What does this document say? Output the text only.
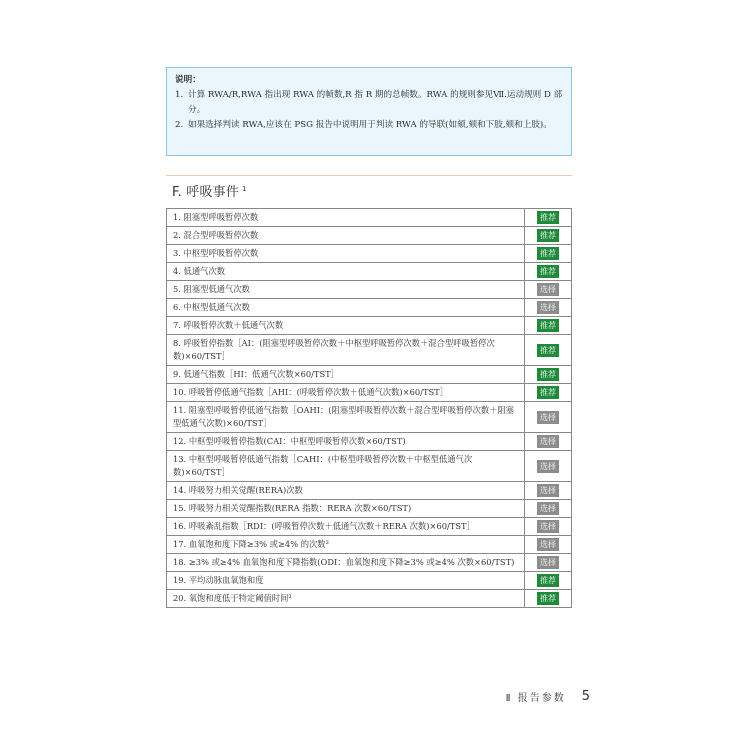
说明：
1. 计算 RWA/R,RWA 指出现 RWA 的帧数,R 指 R 期的总帧数。RWA 的规则参见Ⅶ.运动规则 D 部分。
2. 如果选择判读 RWA,应该在 PSG 报告中说明用于判读 RWA 的导联(如颏,颏和下肢,颏和上肢)。
F. 呼吸事件 $^1$
1. 阻塞型呼吸暂停次数	推荐
2. 混合型呼吸暂停次数	推荐
3. 中枢型呼吸暂停次数	推荐
4. 低通气次数	推荐
5. 阻塞型低通气次数	选择
6. 中枢型低通气次数	选择
7. 呼吸暂停次数＋低通气次数	推荐
8. 呼吸暂停指数［AI：(阻塞型呼吸暂停次数＋中枢型呼吸暂停次数＋混合型呼吸暂停次数)×60/TST］	推荐
9. 低通气指数［HI：低通气次数×60/TST］	推荐
10. 呼吸暂停低通气指数［AHI：(呼吸暂停次数＋低通气次数)×60/TST］	推荐
11. 阻塞型呼吸暂停低通气指数［OAHI：(阻塞型呼吸暂停次数＋混合型呼吸暂停次数＋阻塞型低通气次数)×60/TST］	选择
12. 中枢型呼吸暂停指数(CAI：中枢型呼吸暂停次数×60/TST)	选择
13. 中枢型呼吸暂停低通气指数［CAHI：(中枢型呼吸暂停次数＋中枢型低通气次数)×60/TST］	选择
14. 呼吸努力相关觉醒(RERA)次数	选择
15. 呼吸努力相关觉醒指数(RERA 指数：RERA 次数×60/TST)	选择
16. 呼吸紊乱指数［RDI：(呼吸暂停次数＋低通气次数＋RERA 次数)×60/TST］	选择
17. 血氧饱和度下降≥3% 或≥4% 的次数²	选择
18. ≥3% 或≥4% 血氧饱和度下降指数(ODI：血氧饱和度下降≥3% 或≥4% 次数×60/TST)	选择
19. 平均动脉血氧饱和度	推荐
20. 氧饱和度低于特定阈值时间²	推荐
Ⅱ 报告参数 5
